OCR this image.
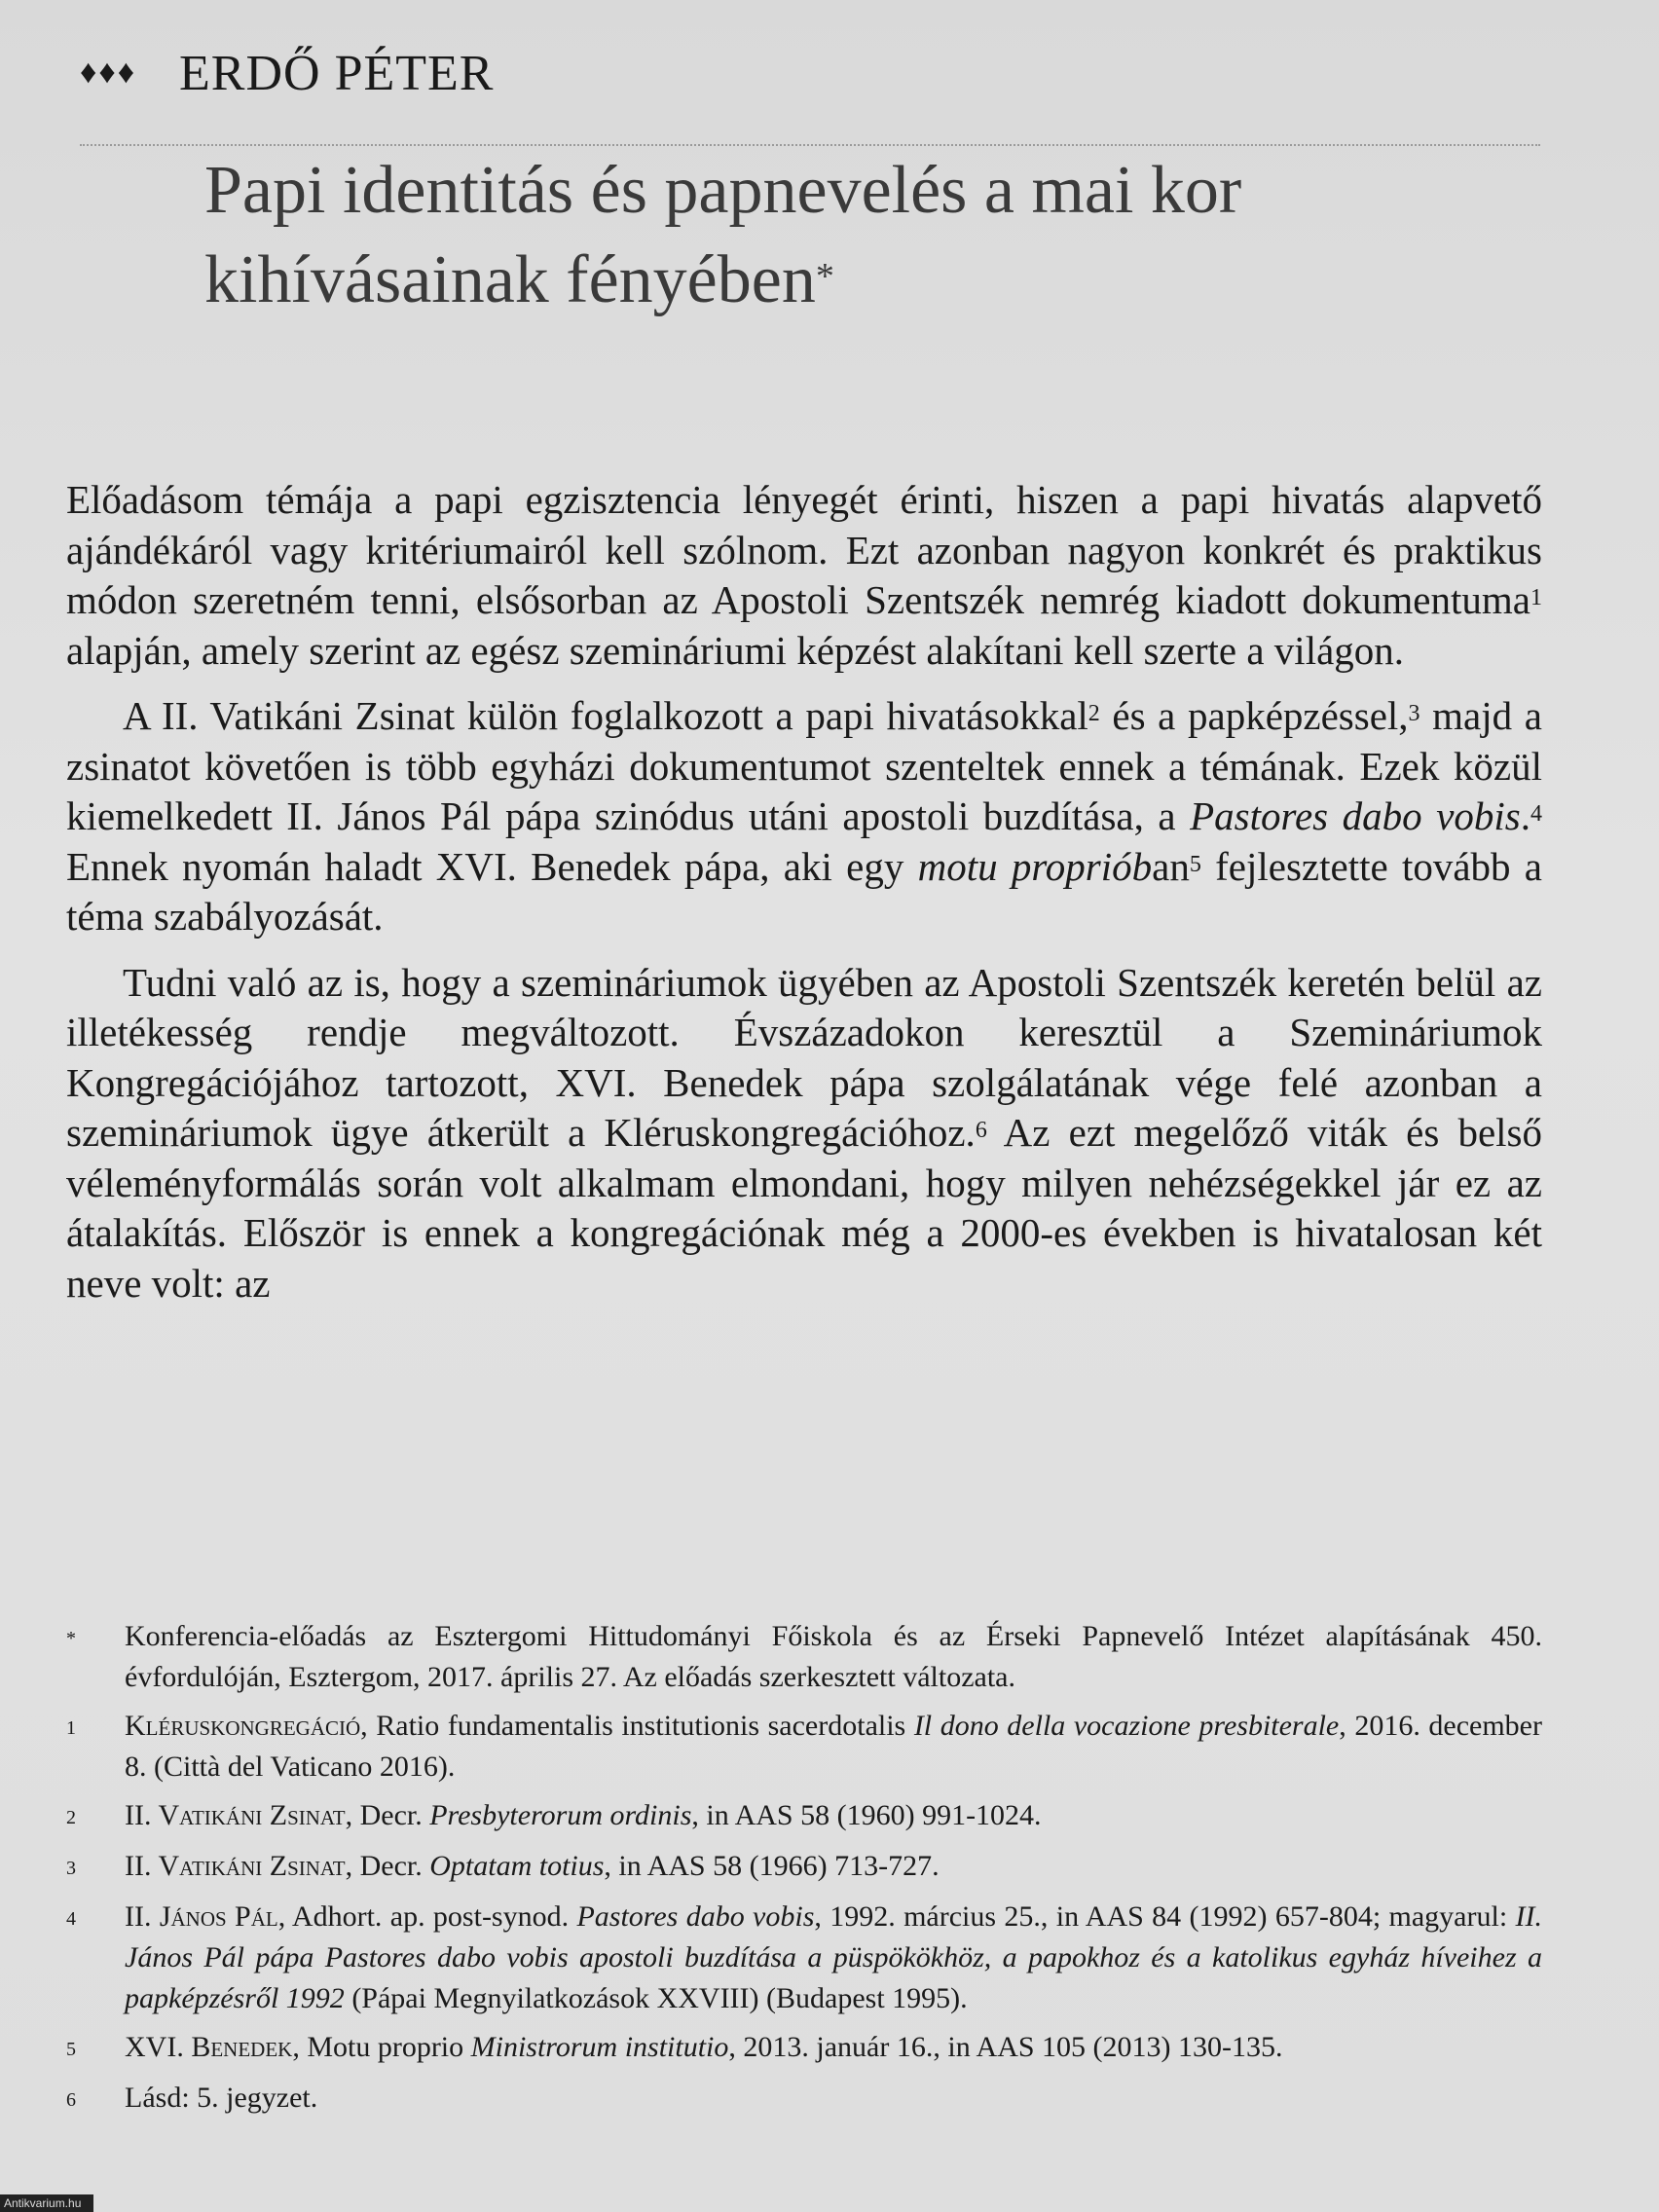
♦♦♦ ERDŐ PÉTER
Papi identitás és papnevelés a mai kor
kihívásainak fényében*

Előadásom témája a papi egzisztencia lényegét érinti, hiszen a papi hivatás alapvető ajándékáról vagy kritériumairól kell szólnom. Ezt azonban nagyon konkrét és praktikus módon szeretném tenni, elsősorban az Apostoli Szentszék nemrég kiadott dokumentuma$^1$ alapján, amely szerint az egész szemináriumi képzést alakítani kell szerte a világon.

A II. Vatikáni Zsinat külön foglalkozott a papi hivatásokkal$^2$ és a papképzéssel,$^3$ majd a zsinatot követően is több egyházi dokumentumot szenteltek ennek a témának. Ezek közül kiemelkedett II. János Pál pápa szinódus utáni apostoli buzdítása, a Pastores dabo vobis.$^4$ Ennek nyomán haladt XVI. Benedek pápa, aki egy motu proprióban$^5$ fejlesztette tovább a téma szabályozását.

Tudni való az is, hogy a szemináriumok ügyében az Apostoli Szentszék keretén belül az illetékesség rendje megváltozott. Évszázadokon keresztül a Szemináriumok Kongregációjához tartozott, XVI. Benedek pápa szolgálatának vége felé azonban a szemináriumok ügye átkerült a Kléruskongregációhoz.$^6$ Az ezt megelőző viták és belső véleményformálás során volt alkalmam elmondani, hogy milyen nehézségekkel jár ez az átalakítás. Először is ennek a kongregációnak még a 2000-es években is hivatalosan két neve volt: az

*	Konferencia-előadás az Esztergomi Hittudományi Főiskola és az Érseki Papnevelő Intézet alapításának 450. évfordulóján, Esztergom, 2017. április 27. Az előadás szerkesztett változata.
1	Kléruskongregáció, Ratio fundamentalis institutionis sacerdotalis Il dono della vocazione presbiterale, 2016. december 8. (Città del Vaticano 2016).
2	II. Vatikáni Zsinat, Decr. Presbyterorum ordinis, in AAS 58 (1960) 991-1024.
3	II. Vatikáni Zsinat, Decr. Optatam totius, in AAS 58 (1966) 713-727.
4	II. János Pál, Adhort. ap. post-synod. Pastores dabo vobis, 1992. március 25., in AAS 84 (1992) 657-804; magyarul: II. János Pál pápa Pastores dabo vobis apostoli buzdítása a püspökökhöz, a papokhoz és a katolikus egyház híveihez a papképzésről 1992 (Pápai Megnyilatkozások XXVIII) (Budapest 1995).
5	XVI. Benedek, Motu proprio Ministrorum institutio, 2013. január 16., in AAS 105 (2013) 130-135.
6	Lásd: 5. jegyzet.
Antikvarium.hu
